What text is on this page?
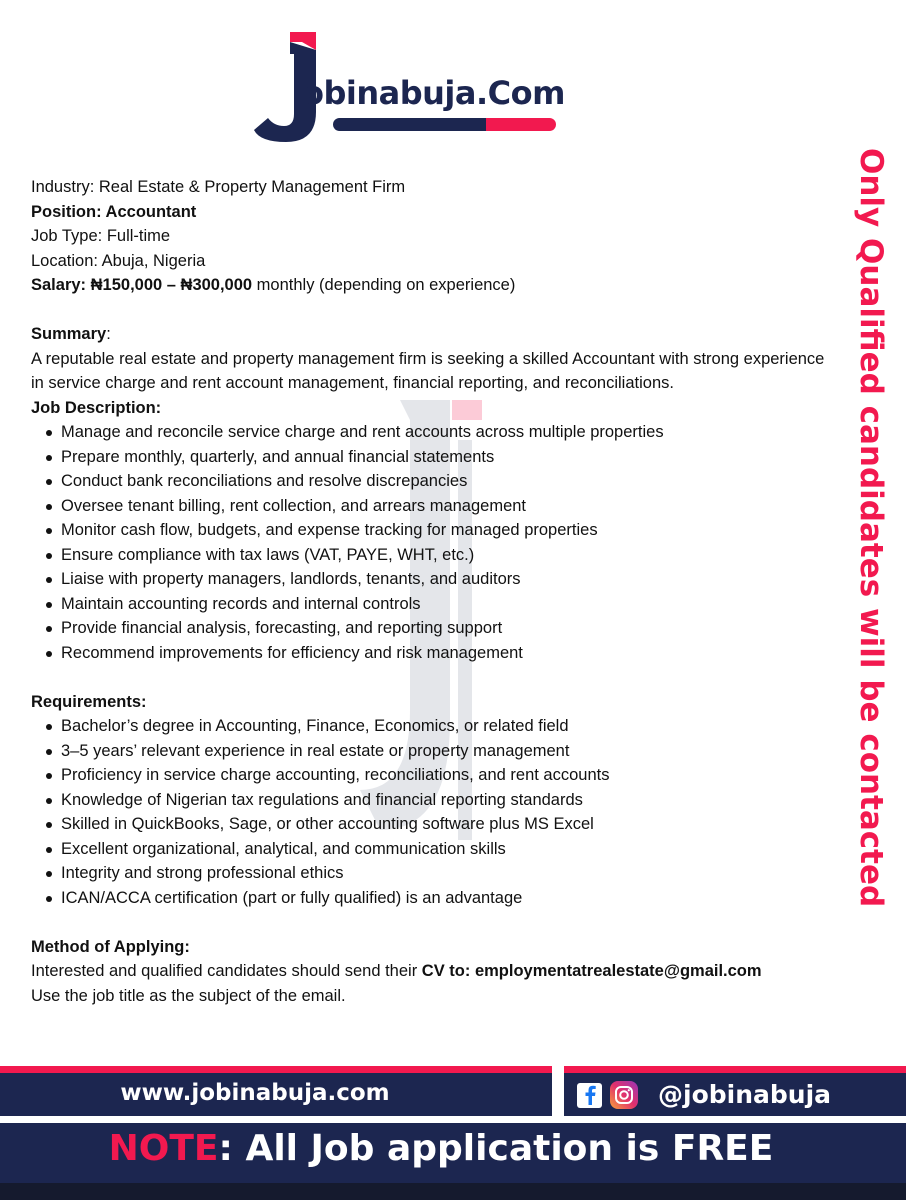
obinabuja.Com
Only Qualified candidates will be contacted
Industry: Real Estate & Property Management Firm
Position: Accountant
Job Type: Full-time
Location: Abuja, Nigeria
Salary: ₦150,000 – ₦300,000 monthly (depending on experience)
Summary:

A reputable real estate and property management firm is seeking a skilled Accountant with strong experience in service charge and rent account management, financial reporting, and reconciliations.

Job Description:
Manage and reconcile service charge and rent accounts across multiple properties
Prepare monthly, quarterly, and annual financial statements
Conduct bank reconciliations and resolve discrepancies
Oversee tenant billing, rent collection, and arrears management
Monitor cash flow, budgets, and expense tracking for managed properties
Ensure compliance with tax laws (VAT, PAYE, WHT, etc.)
Liaise with property managers, landlords, tenants, and auditors
Maintain accounting records and internal controls
Provide financial analysis, forecasting, and reporting support
Recommend improvements for efficiency and risk management
Requirements:
Bachelor’s degree in Accounting, Finance, Economics, or related field
3–5 years’ relevant experience in real estate or property management
Proficiency in service charge accounting, reconciliations, and rent accounts
Knowledge of Nigerian tax regulations and financial reporting standards
Skilled in QuickBooks, Sage, or other accounting software plus MS Excel
Excellent organizational, analytical, and communication skills
Integrity and strong professional ethics
ICAN/ACCA certification (part or fully qualified) is an advantage
Method of Applying:
Interested and qualified candidates should send their CV to: employmentatrealestate@gmail.com
Use the job title as the subject of the email.
www.jobinabuja.com	@jobinabuja
NOTE: All Job application is FREE
